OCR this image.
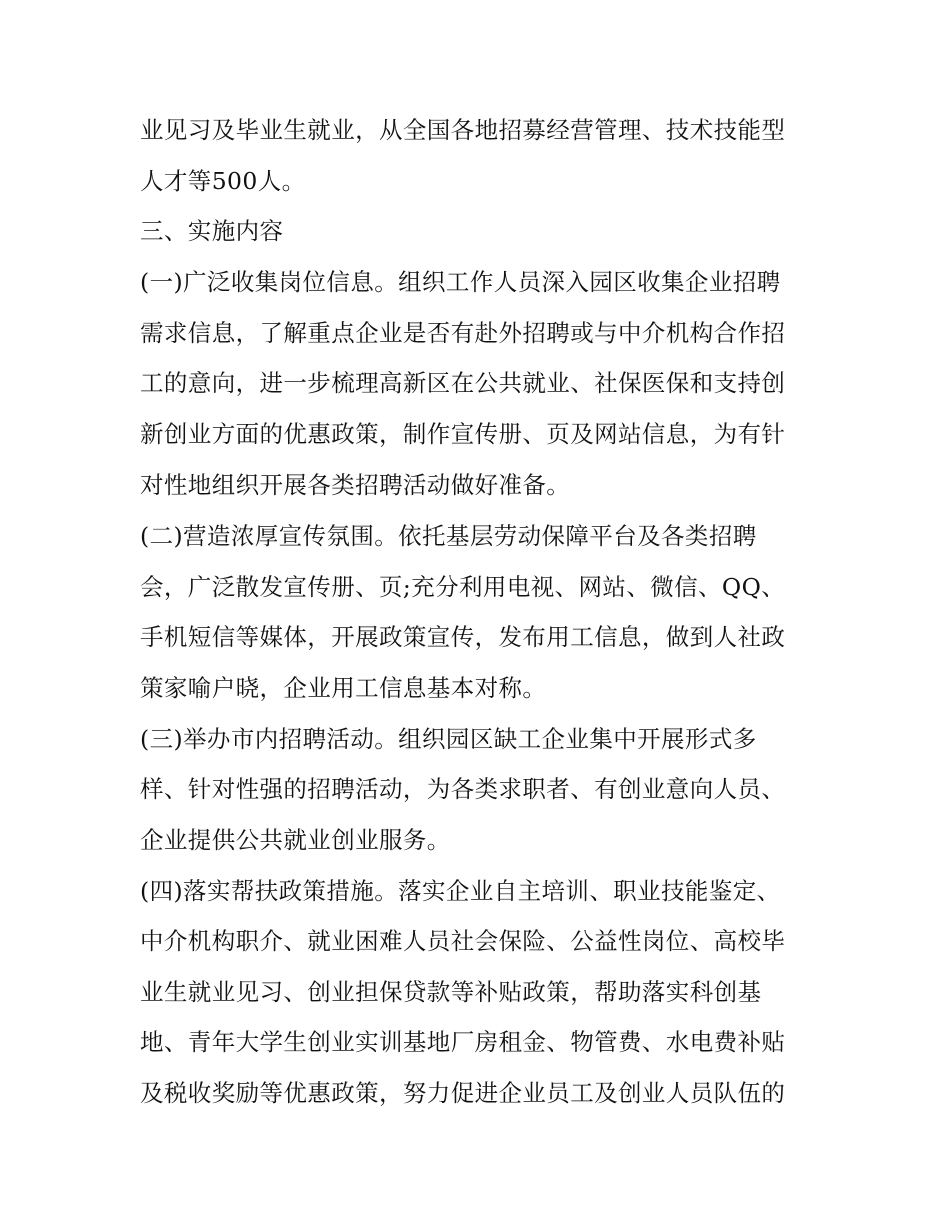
业见习及毕业生就业，从全国各地招募经营管理、技术技能型
人才等500人。
三、实施内容
(一)广泛收集岗位信息。组织工作人员深入园区收集企业招聘
需求信息，了解重点企业是否有赴外招聘或与中介机构合作招
工的意向，进一步梳理高新区在公共就业、社保医保和支持创
新创业方面的优惠政策，制作宣传册、页及网站信息，为有针
对性地组织开展各类招聘活动做好准备。
(二)营造浓厚宣传氛围。依托基层劳动保障平台及各类招聘
会，广泛散发宣传册、页;充分利用电视、网站、微信、QQ、
手机短信等媒体，开展政策宣传，发布用工信息，做到人社政
策家喻户晓，企业用工信息基本对称。
(三)举办市内招聘活动。组织园区缺工企业集中开展形式多
样、针对性强的招聘活动，为各类求职者、有创业意向人员、
企业提供公共就业创业服务。
(四)落实帮扶政策措施。落实企业自主培训、职业技能鉴定、
中介机构职介、就业困难人员社会保险、公益性岗位、高校毕
业生就业见习、创业担保贷款等补贴政策，帮助落实科创基
地、青年大学生创业实训基地厂房租金、物管费、水电费补贴
及税收奖励等优惠政策，努力促进企业员工及创业人员队伍的
